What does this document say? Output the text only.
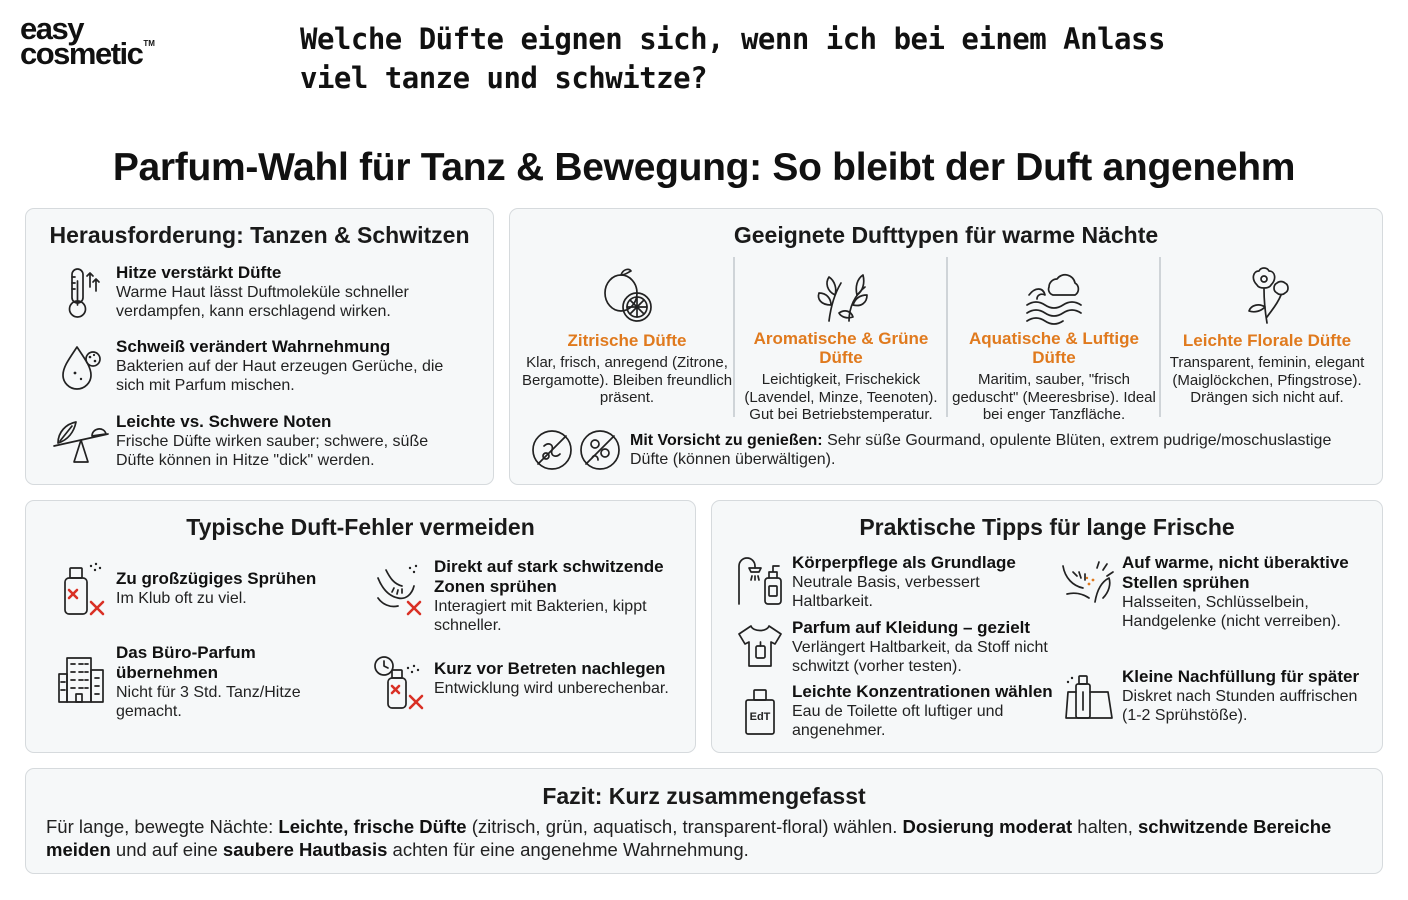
easy
cosmetic™	Welche Düfte eignen sich, wenn ich bei einem Anlass viel tanze und schwitze?
Parfum-Wahl für Tanz & Bewegung: So bleibt der Duft angenehm
Herausforderung: Tanzen & Schwitzen
Hitze verstärkt Düfte
Warme Haut lässt Duftmoleküle schneller verdampfen, kann erschlagend wirken.
Schweiß verändert Wahrnehmung
Bakterien auf der Haut erzeugen Gerüche, die sich mit Parfum mischen.
Leichte vs. Schwere Noten
Frische Düfte wirken sauber; schwere, süße Düfte können in Hitze "dick" werden.
Geeignete Dufttypen für warme Nächte
Zitrische Düfte
Klar, frisch, anregend (Zitrone, Bergamotte). Bleiben freundlich präsent.
Aromatische & Grüne Düfte
Leichtigkeit, Frischekick (Lavendel, Minze, Teenoten). Gut bei Betriebstemperatur.
Aquatische & Luftige Düfte
Maritim, sauber, "frisch geduscht" (Meeresbrise). Ideal bei enger Tanzfläche.
Leichte Florale Düfte
Transparent, feminin, elegant (Maiglöckchen, Pfingstrose). Drängen sich nicht auf.
Mit Vorsicht zu genießen: Sehr süße Gourmand, opulente Blüten, extrem pudrige/moschuslastige Düfte (können überwältigen).
Typische Duft-Fehler vermeiden
Zu großzügiges Sprühen
Im Klub oft zu viel.
Direkt auf stark schwitzende Zonen sprühen
Interagiert mit Bakterien, kippt schneller.
Das Büro-Parfum übernehmen
Nicht für 3 Std. Tanz/Hitze gemacht.
Kurz vor Betreten nachlegen
Entwicklung wird unberechenbar.
Praktische Tipps für lange Frische
Körperpflege als Grundlage
Neutrale Basis, verbessert Haltbarkeit.
Auf warme, nicht überaktive Stellen sprühen
Halsseiten, Schlüsselbein, Handgelenke (nicht verreiben).
Parfum auf Kleidung – gezielt
Verlängert Haltbarkeit, da Stoff nicht schwitzt (vorher testen).
Kleine Nachfüllung für später
Diskret nach Stunden auffrischen (1-2 Sprühstöße).
EdT
Leichte Konzentrationen wählen
Eau de Toilette oft luftiger und angenehmer.
Fazit: Kurz zusammengefasst
Für lange, bewegte Nächte: Leichte, frische Düfte (zitrisch, grün, aquatisch, transparent-floral) wählen. Dosierung moderat halten, schwitzende Bereiche meiden und auf eine saubere Hautbasis achten für eine angenehme Wahrnehmung.
